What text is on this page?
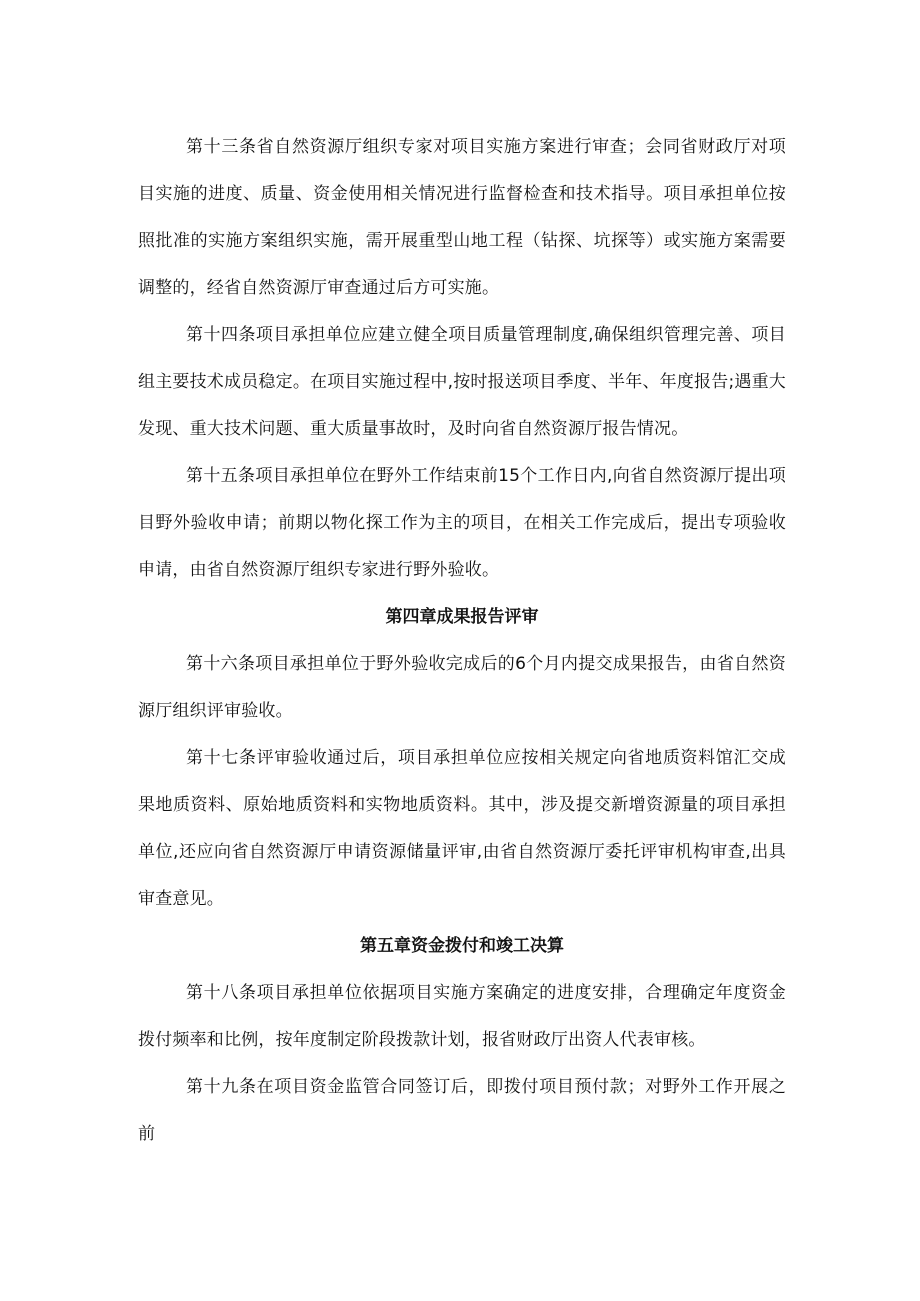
第十三条省自然资源厅组织专家对项目实施方案进行审查；会同省财政厅对项目实施的进度、质量、资金使用相关情况进行监督检查和技术指导。项目承担单位按照批准的实施方案组织实施，需开展重型山地工程（钻探、坑探等）或实施方案需要调整的，经省自然资源厅审查通过后方可实施。

第十四条项目承担单位应建立健全项目质量管理制度,确保组织管理完善、项目组主要技术成员稳定。在项目实施过程中,按时报送项目季度、半年、年度报告;遇重大发现、重大技术问题、重大质量事故时，及时向省自然资源厅报告情况。

第十五条项目承担单位在野外工作结束前15个工作日内,向省自然资源厅提出项目野外验收申请；前期以物化探工作为主的项目，在相关工作完成后，提出专项验收申请，由省自然资源厅组织专家进行野外验收。

第四章成果报告评审

第十六条项目承担单位于野外验收完成后的6个月内提交成果报告，由省自然资源厅组织评审验收。

第十七条评审验收通过后，项目承担单位应按相关规定向省地质资料馆汇交成果地质资料、原始地质资料和实物地质资料。其中，涉及提交新增资源量的项目承担单位,还应向省自然资源厅申请资源储量评审,由省自然资源厅委托评审机构审查,出具审查意见。

第五章资金拨付和竣工决算

第十八条项目承担单位依据项目实施方案确定的进度安排，合理确定年度资金拨付频率和比例，按年度制定阶段拨款计划，报省财政厅出资人代表审核。

第十九条在项目资金监管合同签订后，即拨付项目预付款；对野外工作开展之前
